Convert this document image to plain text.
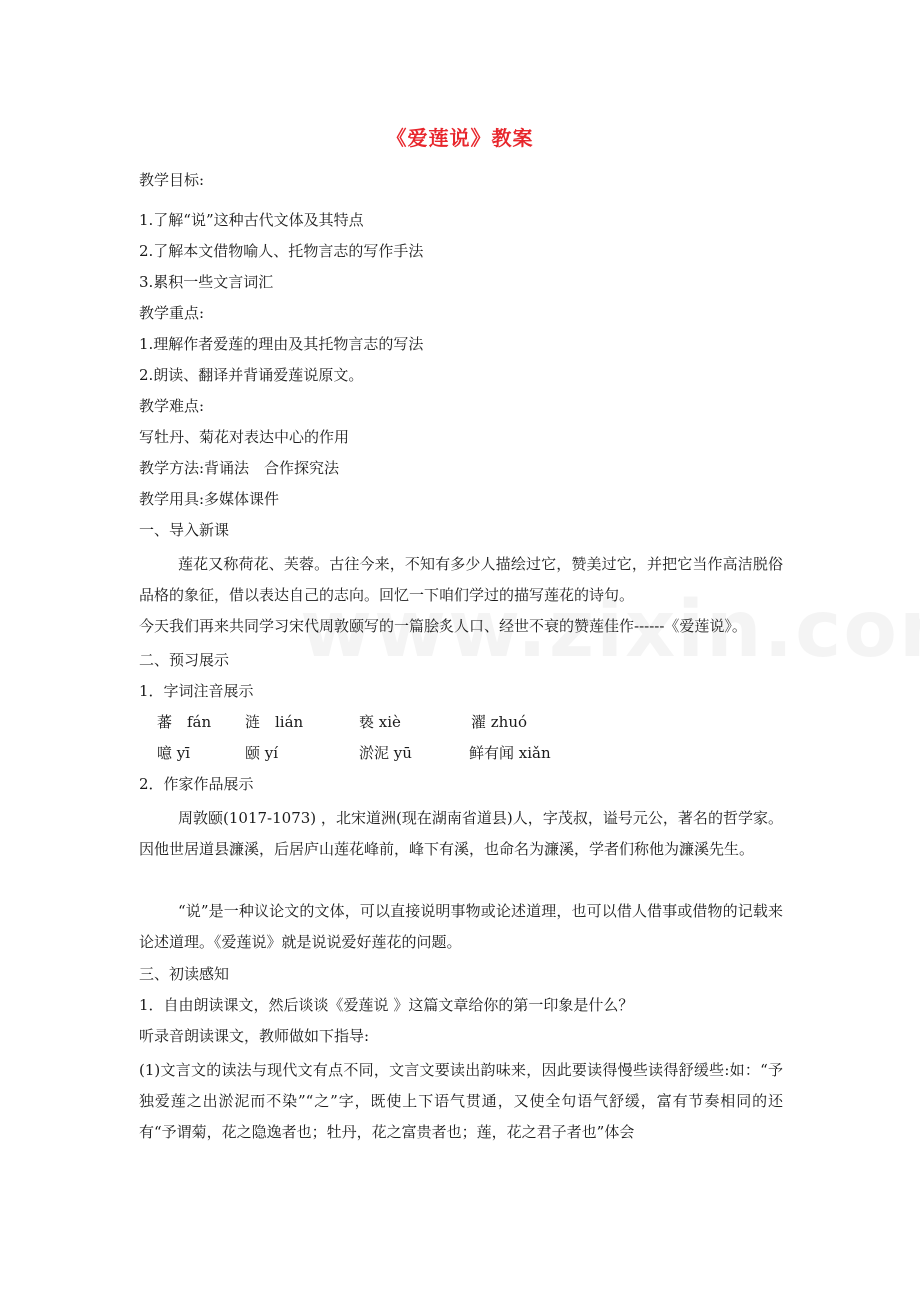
《爱莲说》教案
教学目标:
1.了解“说”这种古代文体及其特点
2.了解本文借物喻人、托物言志的写作手法
3.累积一些文言词汇
教学重点:
1.理解作者爱莲的理由及其托物言志的写法
2.朗读、翻译并背诵爱莲说原文。
教学难点:
写牡丹、菊花对表达中心的作用
教学方法:背诵法　合作探究法
教学用具:多媒体课件
一、导入新课
莲花又称荷花、芙蓉。古往今来，不知有多少人描绘过它，赞美过它，并把它当作高洁脱俗品格的象征，借以表达自己的志向。回忆一下咱们学过的描写莲花的诗句。
今天我们再来共同学习宋代周敦颐写的一篇脍炙人口、经世不衰的赞莲佳作------《爱莲说》。
二、预习展示
1．字词注音展示
蕃　fán 涟　lián	亵 xiè	濯 zhuó
噫 yī	颐 yí	淤泥 yū	鲜有闻 xiǎn
2．作家作品展示
周敦颐(1017-1073) ，北宋道洲(现在湖南省道县)人，字茂叔，谥号元公，著名的哲学家。因他世居道县濂溪，后居庐山莲花峰前，峰下有溪，也命名为濂溪，学者们称他为濂溪先生。
“说”是一种议论文的文体，可以直接说明事物或论述道理，也可以借人借事或借物的记载来论述道理。《爱莲说》就是说说爱好莲花的问题。
三、初读感知
1．自由朗读课文，然后谈谈《爱莲说 》这篇文章给你的第一印象是什么？
听录音朗读课文，教师做如下指导:
(1)文言文的读法与现代文有点不同，文言文要读出韵味来，因此要读得慢些读得舒缓些:如：“予独爱莲之出淤泥而不染”“之”字，既使上下语气贯通，又使全句语气舒缓，富有节奏相同的还有“予谓菊，花之隐逸者也；牡丹，花之富贵者也；莲，花之君子者也”体会
